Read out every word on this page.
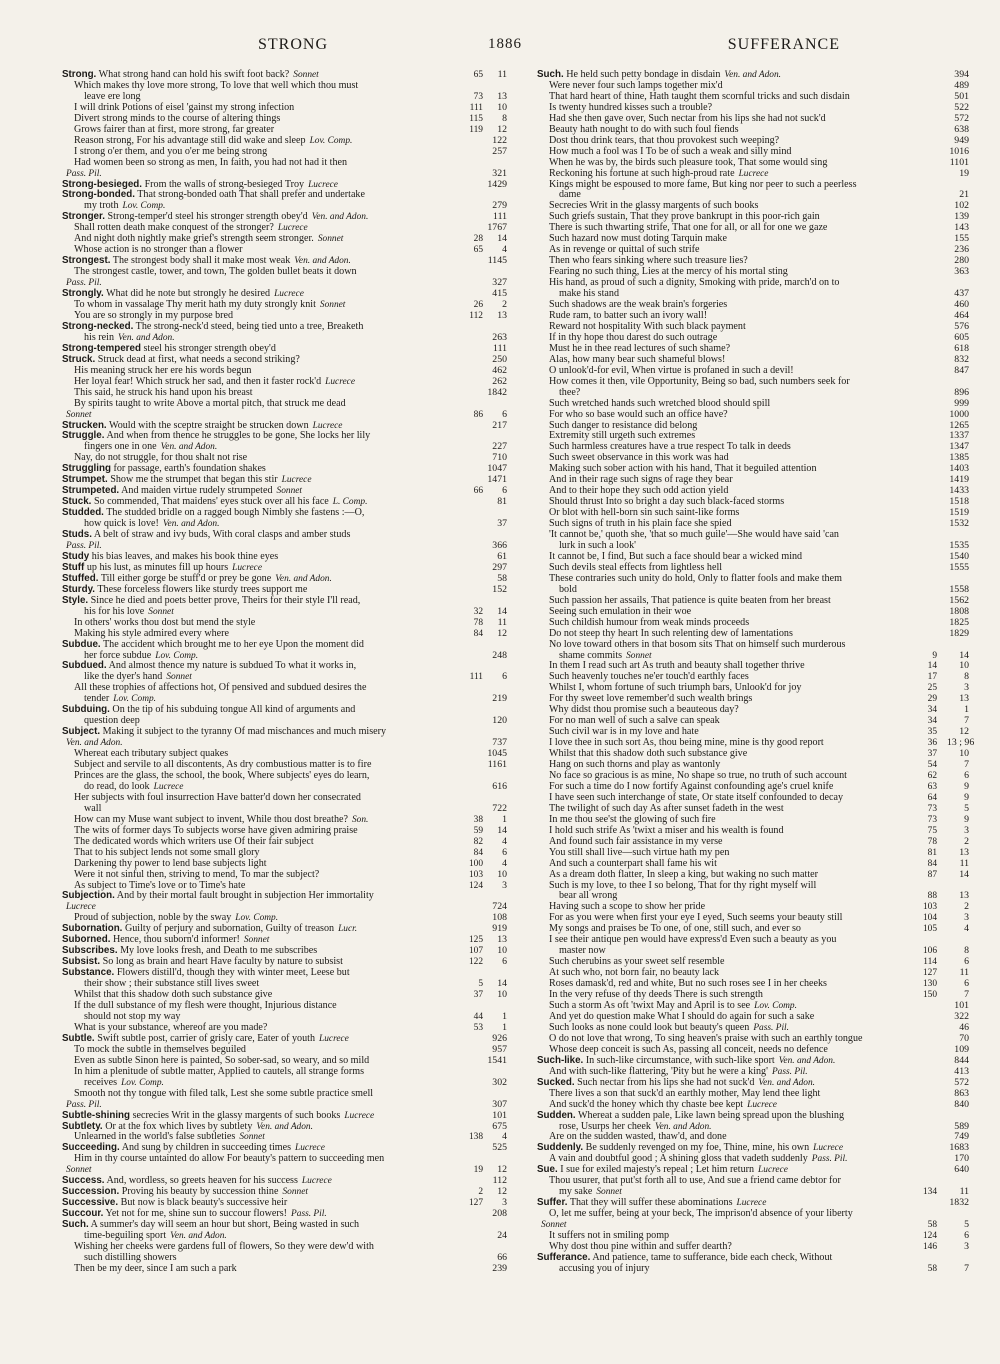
STRONG	1886	SUFFERANCE
Strong. What strong hand can hold his swift foot back? Sonnet	65	11
Which makes thy love more strong, To love that well which thou must
leave ere long	73	13
I will drink Potions of eisel 'gainst my strong infection	111	10
Divert strong minds to the course of altering things	115	8
Grows fairer than at first, more strong, far greater	119	12
Reason strong, For his advantage still did wake and sleep Lov. Comp.	122
I strong o'er them, and you o'er me being strong	257
Had women been so strong as men, In faith, you had not had it then
Pass. Pil.	321
Strong-besieged. From the walls of strong-besieged Troy Lucrece	1429
Strong-bonded. That strong-bonded oath That shall prefer and undertake
my troth Lov. Comp.	279
Stronger. Strong-temper'd steel his stronger strength obey'd Ven. and Adon.	111
Shall rotten death make conquest of the stronger? Lucrece	1767
And night doth nightly make grief's strength seem stronger. Sonnet	28	14
Whose action is no stronger than a flower	65	4
Strongest. The strongest body shall it make most weak Ven. and Adon.	1145
The strongest castle, tower, and town, The golden bullet beats it down
Pass. Pil.	327
Strongly. What did he note but strongly he desired Lucrece	415
To whom in vassalage Thy merit hath my duty strongly knit Sonnet	26	2
You are so strongly in my purpose bred	112	13
Strong-necked. The strong-neck'd steed, being tied unto a tree, Breaketh
his rein Ven. and Adon.	263
Strong-tempered steel his stronger strength obey'd	111
Struck. Struck dead at first, what needs a second striking?	250
His meaning struck her ere his words begun	462
Her loyal fear! Which struck her sad, and then it faster rock'd Lucrece	262
This said, he struck his hand upon his breast	1842
By spirits taught to write Above a mortal pitch, that struck me dead
Sonnet	86	6
Strucken. Would with the sceptre straight be strucken down Lucrece	217
Struggle. And when from thence he struggles to be gone, She locks her lily
fingers one in one Ven. and Adon.	227
Nay, do not struggle, for thou shalt not rise	710
Struggling for passage, earth's foundation shakes	1047
Strumpet. Show me the strumpet that began this stir Lucrece	1471
Strumpeted. And maiden virtue rudely strumpeted Sonnet	66	6
Stuck. So commended, That maidens' eyes stuck over all his face L. Comp.	81
Studded. The studded bridle on a ragged bough Nimbly she fastens :—O,
how quick is love! Ven. and Adon.	37
Studs. A belt of straw and ivy buds, With coral clasps and amber studs
Pass. Pil.	366
Study his bias leaves, and makes his book thine eyes	61
Stuff up his lust, as minutes fill up hours Lucrece	297
Stuffed. Till either gorge be stuff'd or prey be gone Ven. and Adon.	58
Sturdy. These forceless flowers like sturdy trees support me	152
Style. Since he died and poets better prove, Theirs for their style I'll read,
his for his love Sonnet	32	14
In others' works thou dost but mend the style	78	11
Making his style admired every where	84	12
Subdue. The accident which brought me to her eye Upon the moment did
her force subdue Lov. Comp.	248
Subdued. And almost thence my nature is subdued To what it works in,
like the dyer's hand Sonnet	111	6
All these trophies of affections hot, Of pensived and subdued desires the
tender Lov. Comp.	219
Subduing. On the tip of his subduing tongue All kind of arguments and
question deep	120
Subject. Making it subject to the tyranny Of mad mischances and much misery
Ven. and Adon.	737
Whereat each tributary subject quakes	1045
Subject and servile to all discontents, As dry combustious matter is to fire	1161
Princes are the glass, the school, the book, Where subjects' eyes do learn,
do read, do look Lucrece	616
Her subjects with foul insurrection Have batter'd down her consecrated
wall	722
How can my Muse want subject to invent, While thou dost breathe? Son.	38	1
The wits of former days To subjects worse have given admiring praise	59	14
The dedicated words which writers use Of their fair subject	82	4
That to his subject lends not some small glory	84	6
Darkening thy power to lend base subjects light	100	4
Were it not sinful then, striving to mend, To mar the subject?	103	10
As subject to Time's love or to Time's hate	124	3
Subjection. And by their mortal fault brought in subjection Her immortality
Lucrece	724
Proud of subjection, noble by the sway Lov. Comp.	108
Subornation. Guilty of perjury and subornation, Guilty of treason Lucr.	919
Suborned. Hence, thou suborn'd informer! Sonnet	125	13
Subscribes. My love looks fresh, and Death to me subscribes	107	10
Subsist. So long as brain and heart Have faculty by nature to subsist	122	6
Substance. Flowers distill'd, though they with winter meet, Leese but
their show ; their substance still lives sweet	5	14
Whilst that this shadow doth such substance give	37	10
If the dull substance of my flesh were thought, Injurious distance
should not stop my way	44	1
What is your substance, whereof are you made?	53	1
Subtle. Swift subtle post, carrier of grisly care, Eater of youth Lucrece	926
To mock the subtle in themselves beguiled	957
Even as subtle Sinon here is painted, So sober-sad, so weary, and so mild	1541
In him a plenitude of subtle matter, Applied to cautels, all strange forms
receives Lov. Comp.	302
Smooth not thy tongue with filed talk, Lest she some subtle practice smell
Pass. Pil.	307
Subtle-shining secrecies Writ in the glassy margents of such books Lucrece	101
Subtlety. Or at the fox which lives by subtlety Ven. and Adon.	675
Unlearned in the world's false subtleties Sonnet	138	4
Succeeding. And sung by children in succeeding times Lucrece	525
Him in thy course untainted do allow For beauty's pattern to succeeding men
Sonnet	19	12
Success. And, wordless, so greets heaven for his success Lucrece	112
Succession. Proving his beauty by succession thine Sonnet	2	12
Successive. But now is black beauty's successive heir	127	3
Succour. Yet not for me, shine sun to succour flowers! Pass. Pil.	208
Such. A summer's day will seem an hour but short, Being wasted in such
time-beguiling sport Ven. and Adon.	24
Wishing her cheeks were gardens full of flowers, So they were dew'd with
such distilling showers	66
Then be my deer, since I am such a park	239
Such. He held such petty bondage in disdain Ven. and Adon.	394
Were never four such lamps together mix'd	489
That hard heart of thine, Hath taught them scornful tricks and such disdain	501
Is twenty hundred kisses such a trouble?	522
Had she then gave over, Such nectar from his lips she had not suck'd	572
Beauty hath nought to do with such foul fiends	638
Dost thou drink tears, that thou provokest such weeping?	949
How much a fool was I To be of such a weak and silly mind	1016
When he was by, the birds such pleasure took, That some would sing	1101
Reckoning his fortune at such high-proud rate Lucrece	19
Kings might be espoused to more fame, But king nor peer to such a peerless
dame	21
Secrecies Writ in the glassy margents of such books	102
Such griefs sustain, That they prove bankrupt in this poor-rich gain	139
There is such thwarting strife, That one for all, or all for one we gaze	143
Such hazard now must doting Tarquin make	155
As in revenge or quittal of such strife	236
Then who fears sinking where such treasure lies?	280
Fearing no such thing, Lies at the mercy of his mortal sting	363
His hand, as proud of such a dignity, Smoking with pride, march'd on to
make his stand	437
Such shadows are the weak brain's forgeries	460
Rude ram, to batter such an ivory wall!	464
Reward not hospitality With such black payment	576
If in thy hope thou darest do such outrage	605
Must he in thee read lectures of such shame?	618
Alas, how many bear such shameful blows!	832
O unlook'd-for evil, When virtue is profaned in such a devil!	847
How comes it then, vile Opportunity, Being so bad, such numbers seek for
thee?	896
Such wretched hands such wretched blood should spill	999
For who so base would such an office have?	1000
Such danger to resistance did belong	1265
Extremity still urgeth such extremes	1337
Such harmless creatures have a true respect To talk in deeds	1347
Such sweet observance in this work was had	1385
Making such sober action with his hand, That it beguiled attention	1403
And in their rage such signs of rage they bear	1419
And to their hope they such odd action yield	1433
Should thrust Into so bright a day such black-faced storms	1518
Or blot with hell-born sin such saint-like forms	1519
Such signs of truth in his plain face she spied	1532
'It cannot be,' quoth she, 'that so much guile'—She would have said 'can
lurk in such a look'	1535
It cannot be, I find, But such a face should bear a wicked mind	1540
Such devils steal effects from lightless hell	1555
These contraries such unity do hold, Only to flatter fools and make them
bold	1558
Such passion her assails, That patience is quite beaten from her breast	1562
Seeing such emulation in their woe	1808
Such childish humour from weak minds proceeds	1825
Do not steep thy heart In such relenting dew of lamentations	1829
No love toward others in that bosom sits That on himself such murderous
shame commits Sonnet	9	14
In them I read such art As truth and beauty shall together thrive	14	10
Such heavenly touches ne'er touch'd earthly faces	17	8
Whilst I, whom fortune of such triumph bars, Unlook'd for joy	25	3
For thy sweet love remember'd such wealth brings	29	13
Why didst thou promise such a beauteous day?	34	1
For no man well of such a salve can speak	34	7
Such civil war is in my love and hate	35	12
I love thee in such sort As, thou being mine, mine is thy good report	36 13 ; 96
Whilst that this shadow doth such substance give	37	10
Hang on such thorns and play as wantonly	54	7
No face so gracious is as mine, No shape so true, no truth of such account	62	6
For such a time do I now fortify Against confounding age's cruel knife	63	9
I have seen such interchange of state, Or state itself confounded to decay	64	9
The twilight of such day As after sunset fadeth in the west	73	5
In me thou see'st the glowing of such fire	73	9
I hold such strife As 'twixt a miser and his wealth is found	75	3
And found such fair assistance in my verse	78	2
You still shall live—such virtue hath my pen	81	13
And such a counterpart shall fame his wit	84	11
As a dream doth flatter, In sleep a king, but waking no such matter	87	14
Such is my love, to thee I so belong, That for thy right myself will
bear all wrong	88	13
Having such a scope to show her pride	103	2
For as you were when first your eye I eyed, Such seems your beauty still	104	3
My songs and praises be To one, of one, still such, and ever so	105	4
I see their antique pen would have express'd Even such a beauty as you
master now	106	8
Such cherubins as your sweet self resemble	114	6
At such who, not born fair, no beauty lack	127	11
Roses damask'd, red and white, But no such roses see I in her cheeks	130	6
In the very refuse of thy deeds There is such strength	150	7
Such a storm As oft 'twixt May and April is to see Lov. Comp.	101
And yet do question make What I should do again for such a sake	322
Such looks as none could look but beauty's queen Pass. Pil.	46
O do not love that wrong, To sing heaven's praise with such an earthly tongue	70
Whose deep conceit is such As, passing all conceit, needs no defence	109
Such-like. In such-like circumstance, with such-like sport Ven. and Adon.	844
And with such-like flattering, 'Pity but he were a king' Pass. Pil.	413
Sucked. Such nectar from his lips she had not suck'd Ven. and Adon.	572
There lives a son that suck'd an earthly mother, May lend thee light	863
And suck'd the honey which thy chaste bee kept Lucrece	840
Sudden. Whereat a sudden pale, Like lawn being spread upon the blushing
rose, Usurps her cheek Ven. and Adon.	589
Are on the sudden wasted, thaw'd, and done	749
Suddenly. Be suddenly revenged on my foe, Thine, mine, his own Lucrece	1683
A vain and doubtful good ; A shining gloss that vadeth suddenly Pass. Pil.	170
Sue. I sue for exiled majesty's repeal ; Let him return Lucrece	640
Thou usurer, that put'st forth all to use, And sue a friend came debtor for
my sake Sonnet	134	11
Suffer. That they will suffer these abominations Lucrece	1832
O, let me suffer, being at your beck, The imprison'd absence of your liberty
Sonnet	58	5
It suffers not in smiling pomp	124	6
Why dost thou pine within and suffer dearth?	146	3
Sufferance. And patience, tame to sufferance, bide each check, Without
accusing you of injury	58	7
